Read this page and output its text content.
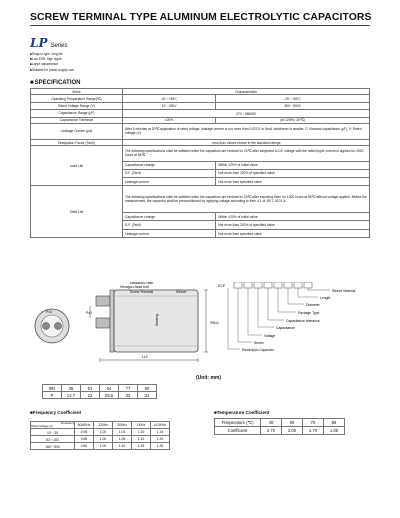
SCREW TERMINAL TYPE ALUMINUM ELECTROLYTIC CAPACITORS
LP Series
■ Snap-in type, long life
■ Low ESR, high ripple
■ Large capacitance
■ Suitable for power supply use
■ SPECIFICATION
Items	Characteristics	
Operating Temperature Range(℃)	-40～+85℃	-25～+85℃
Rated Voltage Range (V)	10～250V	350～500V
Capacitance Range (μF)	270～680000	
Capacitance Tolerance	±20%	(at 120Hz, 20℃)
Leakage Current (μA)	After 5 minutes at 20℃ application of rated voltage, leakage current is not more than 0.02CV or 5mA, whichever is smaller. C: Nominal capacitance (μF), V: Rated voltage (V)	
Dissipation Factor (Tanδ)	Less than values shown in the standard ratings	
Load Life	The following specifications shall be satisfied when the capacitors are restored to 20℃ after subjected to DC voltage with the rated ripple current is applied for 2000 hours at 85℃.	
	Capacitance change	Within ±20% of initial value
	D.F. (Tanδ)	Not more than 200% of specified value
	Leakage current	Not more than specified value
Shelf Life	The following specifications shall be satisfied when the capacitors are restored to 20℃ after exposing them for 1000 hours at 85℃ without voltage applied. Before the measurement, the capacitor shall be preconditioned by applying voltage according to Item 4.1 of JIS C 5101-4.	
	Capacitance change	Within ±20% of initial value
	D.F. (Tanδ)	Not more than 200% of specified value
	Leakage current	Not more than specified value
P±1
Insulation Plate
Hexagon-head bolt
Screw Terminal	Sleeve
Marking
L±2
ΦD±1
P±1
ECP
Sleeve Material
Length
Diameter
Package Type
Capacitance tolerance
Capacitance
Voltage
Series
Electrolytic Capacitor
(Unit: mm)
ΦD	35	51	64	77	90
P	12.7	22	28.6	32	32
■ Frequency Coefficient
Frequency
Rated Voltage (V)	50/60Hz	120Hz	300Hz	1KHz	≥10KHz
10～35	0.95	1.00	1.04	1.10	1.15
63～160	0.85	1.00	1.05	1.10	1.20
180～500	0.80	1.00	1.10	1.25	1.35
■ Temperature Coefficient
Temperature (℃)	40	60	70	85
Coefficient	2.70	2.00	1.70	1.00
